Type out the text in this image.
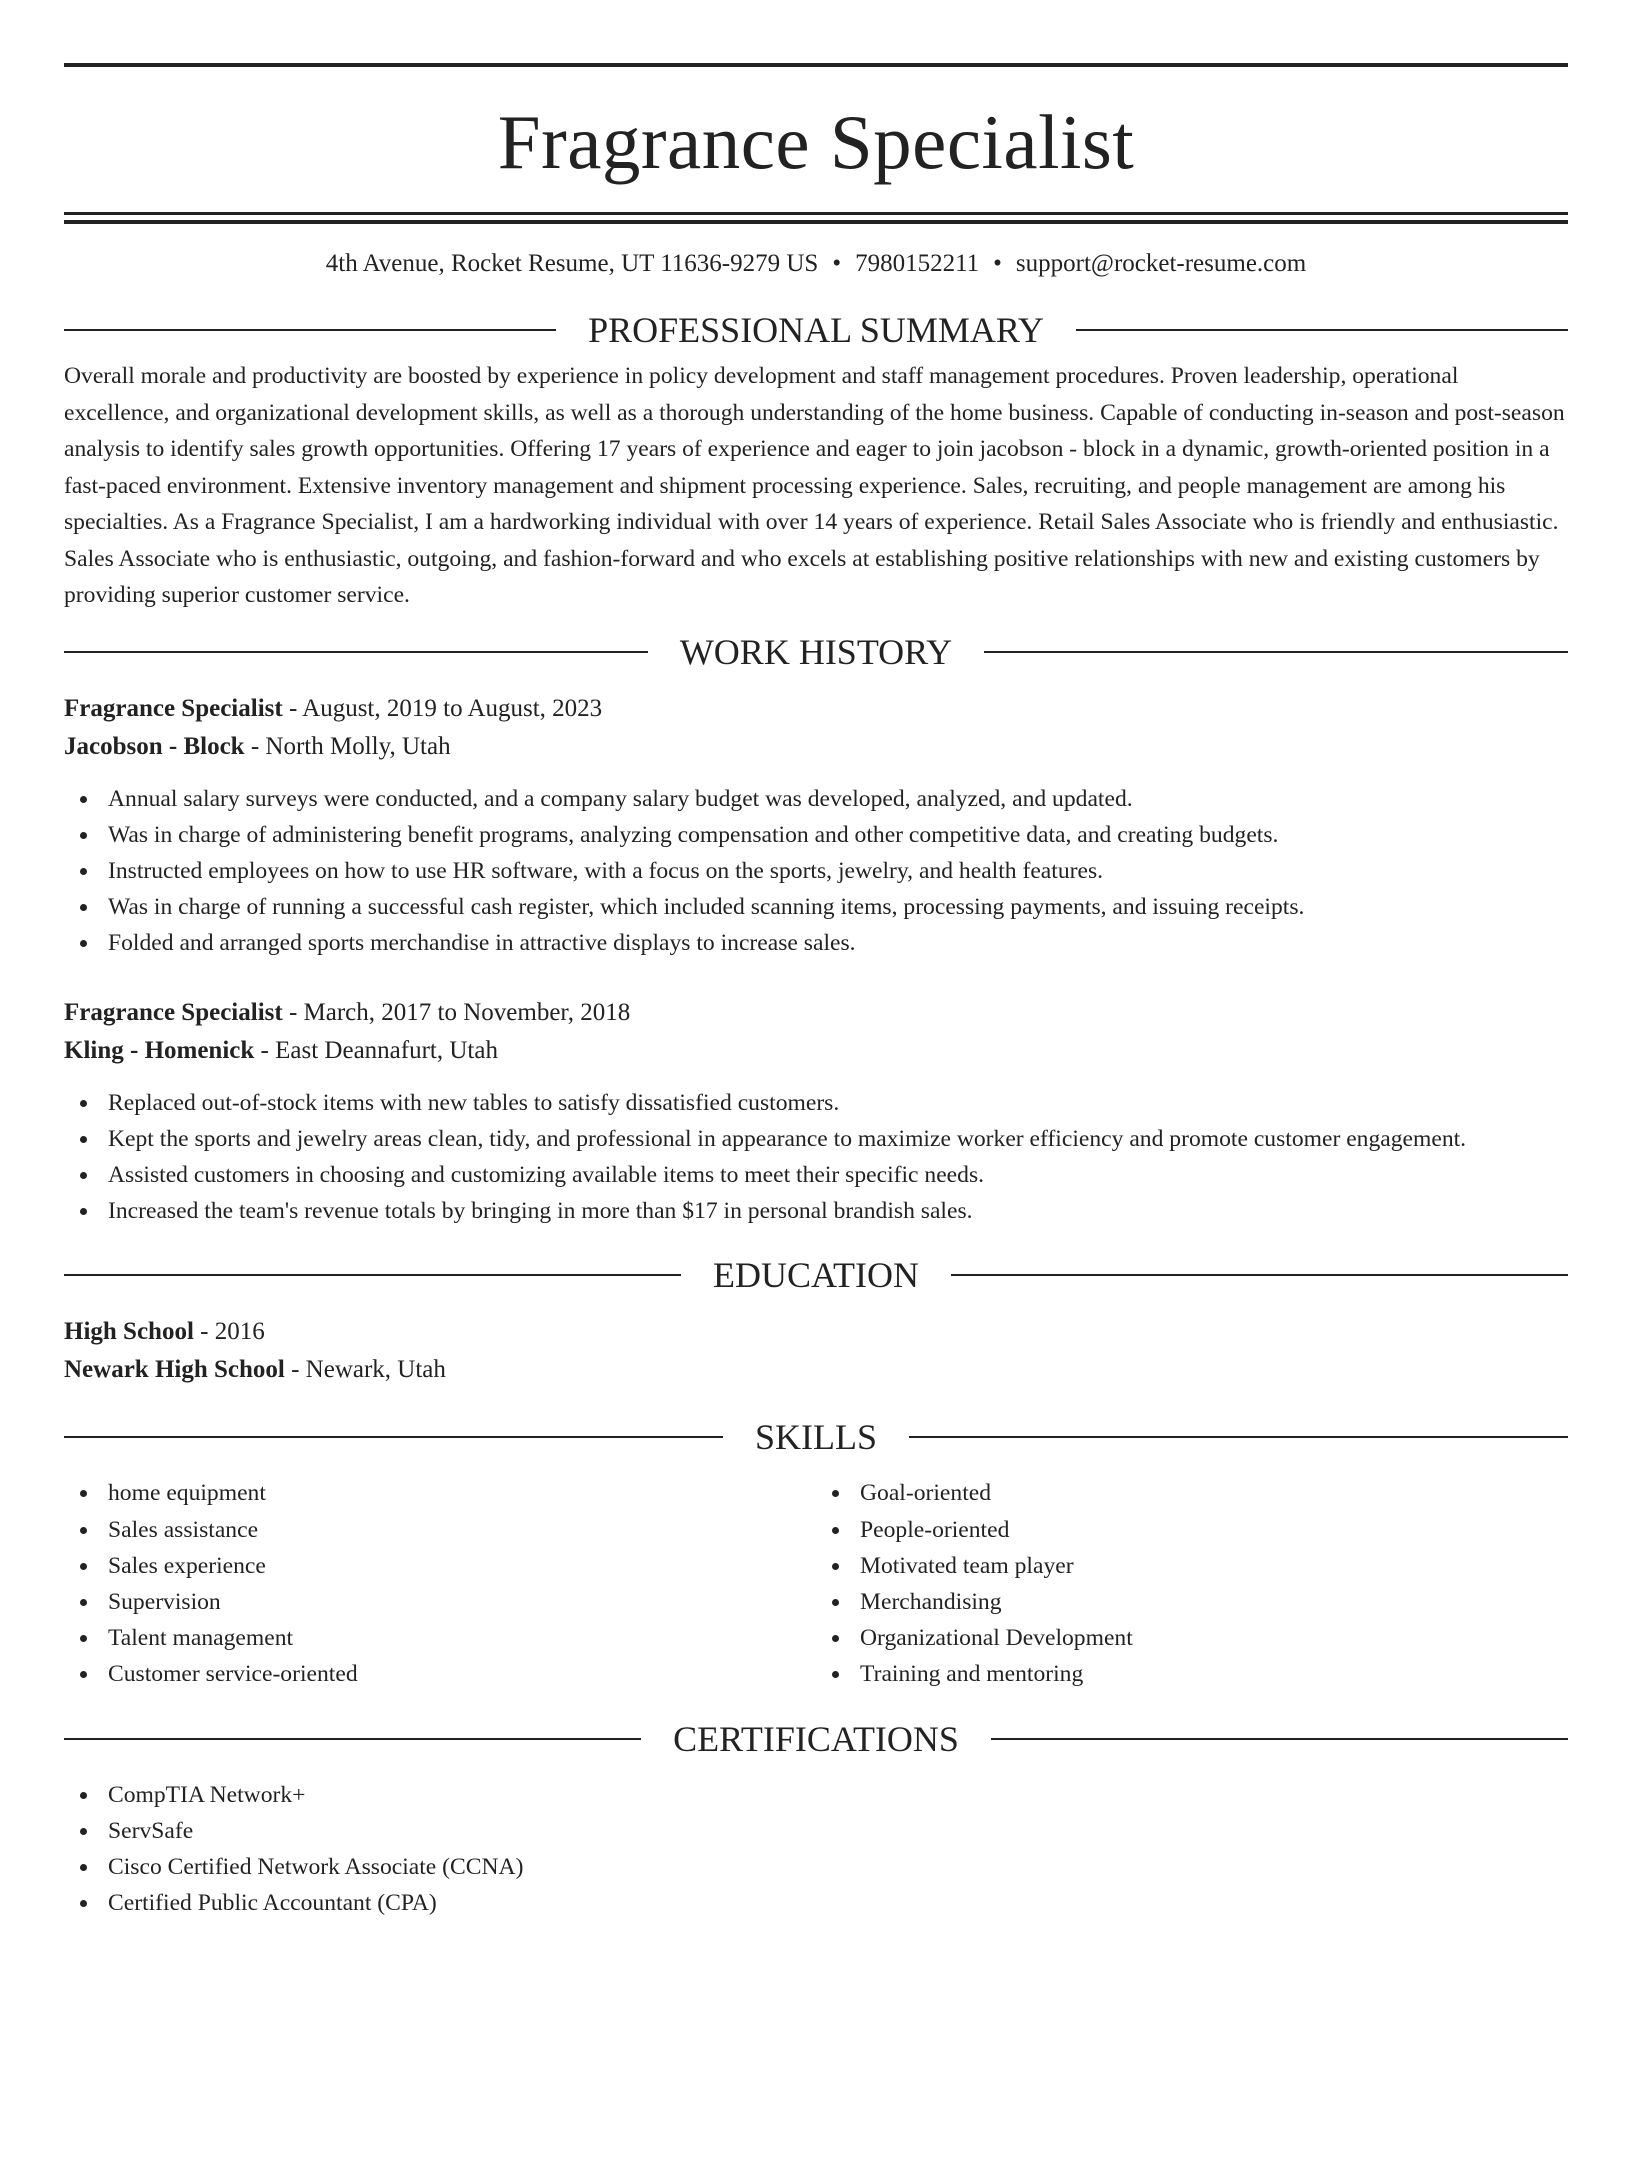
Fragrance Specialist
4th Avenue, Rocket Resume, UT 11636-9279 US • 7980152211 • support@rocket-resume.com
PROFESSIONAL SUMMARY

Overall morale and productivity are boosted by experience in policy development and staff management procedures. Proven leadership, operational excellence, and organizational development skills, as well as a thorough understanding of the home business. Capable of conducting in-season and post-season analysis to identify sales growth opportunities. Offering 17 years of experience and eager to join jacobson - block in a dynamic, growth-oriented position in a fast-paced environment. Extensive inventory management and shipment processing experience. Sales, recruiting, and people management are among his specialties. As a Fragrance Specialist, I am a hardworking individual with over 14 years of experience. Retail Sales Associate who is friendly and enthusiastic. Sales Associate who is enthusiastic, outgoing, and fashion-forward and who excels at establishing positive relationships with new and existing customers by providing superior customer service.

WORK HISTORY
Fragrance Specialist - August, 2019 to August, 2023
Jacobson - Block - North Molly, Utah
Annual salary surveys were conducted, and a company salary budget was developed, analyzed, and updated.
Was in charge of administering benefit programs, analyzing compensation and other competitive data, and creating budgets.
Instructed employees on how to use HR software, with a focus on the sports, jewelry, and health features.
Was in charge of running a successful cash register, which included scanning items, processing payments, and issuing receipts.
Folded and arranged sports merchandise in attractive displays to increase sales.
Fragrance Specialist - March, 2017 to November, 2018
Kling - Homenick - East Deannafurt, Utah
Replaced out-of-stock items with new tables to satisfy dissatisfied customers.
Kept the sports and jewelry areas clean, tidy, and professional in appearance to maximize worker efficiency and promote customer engagement.
Assisted customers in choosing and customizing available items to meet their specific needs.
Increased the team's revenue totals by bringing in more than $17 in personal brandish sales.
EDUCATION
High School - 2016
Newark High School - Newark, Utah
SKILLS
home equipment
Sales assistance
Sales experience
Supervision
Talent management
Customer service-oriented
Goal-oriented
People-oriented
Motivated team player
Merchandising
Organizational Development
Training and mentoring
CERTIFICATIONS
CompTIA Network+
ServSafe
Cisco Certified Network Associate (CCNA)
Certified Public Accountant (CPA)
